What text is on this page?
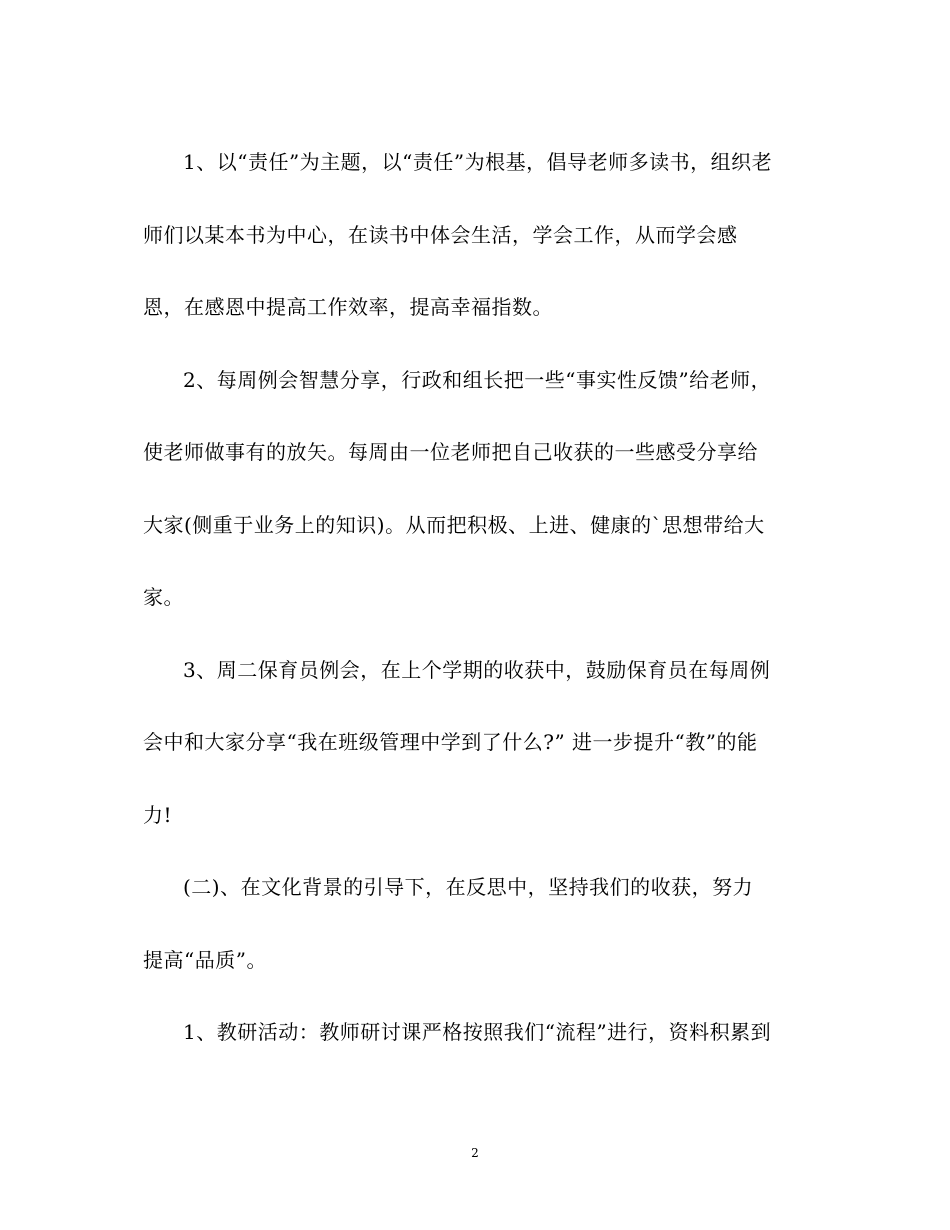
1、以“责任”为主题，以“责任”为根基，倡导老师多读书，组织老
师们以某本书为中心，在读书中体会生活，学会工作，从而学会感
恩，在感恩中提高工作效率，提高幸福指数。
2、每周例会智慧分享，行政和组长把一些“事实性反馈”给老师，
使老师做事有的放矢。每周由一位老师把自己收获的一些感受分享给
大家(侧重于业务上的知识)。从而把积极、上进、健康的`思想带给大
家。
3、周二保育员例会，在上个学期的收获中，鼓励保育员在每周例
会中和大家分享“我在班级管理中学到了什么?” 进一步提升“教”的能
力!
(二)、在文化背景的引导下，在反思中，坚持我们的收获，努力
提高“品质”。
1、教研活动：教师研讨课严格按照我们“流程”进行，资料积累到
2
